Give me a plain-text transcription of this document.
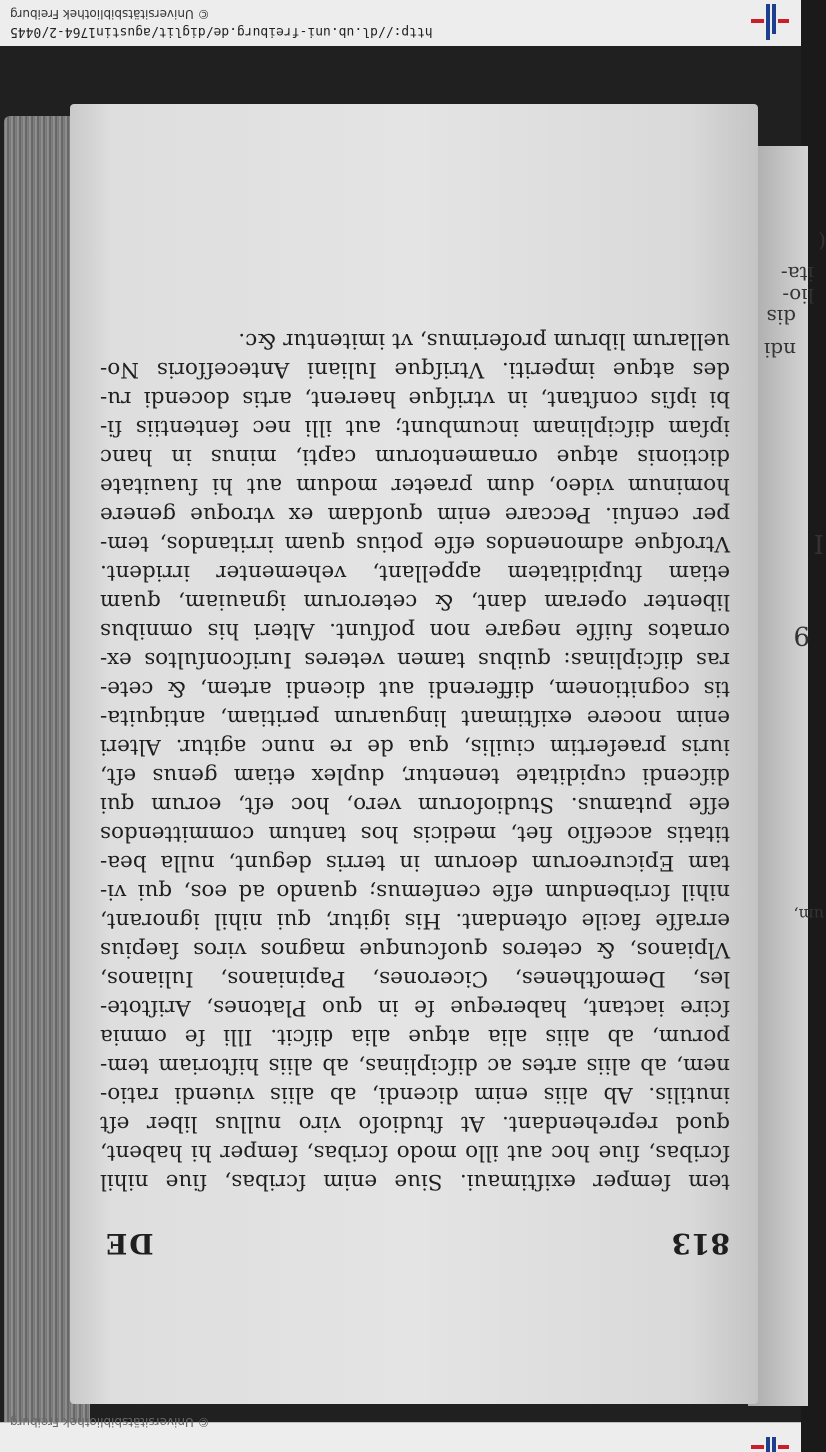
http://dl.ub.uni-freiburg.de/diglit/agustin1764-2/0445
© Universitätsbibliothek Freiburg
dis
ndi
lio-
ita-
(
I
um,
9
813
DE
tem ſemper exiſtimaui. Siue enim ſcribas, ſiue nihil
ſcribas, ſiue hoc aut illo modo ſcribas, ſemper hi habent,
quod reprehendant. At ſtudioſo viro nullus liber eſt
inutilis. Ab aliis enim dicendi, ab aliis viuendi ratio-
nem, ab aliis artes ac diſciplinas, ab aliis hiſtoriam tem-
porum, ab aliis alia atque alia diſcit. Illi ſe omnia
ſcire iactant, habereque ſe in quo Platones, Ariſtote-
les, Demoſthenes, Cicerones, Papinianos, Iulianos,
Vlpianos, & ceteros quoſcunque magnos viros ſaepius
erraſſe facile oſtendant. His igitur, qui nihil ignorant,
nihil ſcribendum eſſe cenſemus; quando ad eos, qui vi-
tam Epicureorum deorum in terris degunt, nulla bea-
titatis acceſſio fiet, medicis hos tantum committendos
eſſe putamus. Studioſorum vero, hoc eſt, eorum qui
diſcendi cupiditate tenentur, duplex etiam genus eſt,
iuris praeſertim ciuilis, qua de re nunc agitur. Alteri
enim nocere exiſtimant linguarum peritiam, antiquita-
tis cognitionem, differendi aut dicendi artem, & cete-
ras diſciplinas: quibus tamen veteres Iuriſconſultos ex-
ornatos fuiſſe negare non poſſunt. Alteri his omnibus
libenter operam dant, & ceterorum ignauiam, quam
etiam ſtupiditatem appellant, vehementer irrident.
Vtroſque admonendos eſſe potius quam irritandos, tem-
per cenſui. Peccare enim quoſdam ex vtroque genere
hominum video, dum praeter modum aut hi ſuauitate
dictionis atque ornamentorum capti, minus in hanc
ipſam diſciplinam incumbunt; aut illi nec ſententiis ſi-
bi ipſis conſtant, in vtriſque haerent, artis docendi ru-
des atque imperiti. Vtriſque Iuliani Anteceſſoris No-
uellarum librum proferimus, vt imitentur &c.
© Universitätsbibliothek Freiburg
